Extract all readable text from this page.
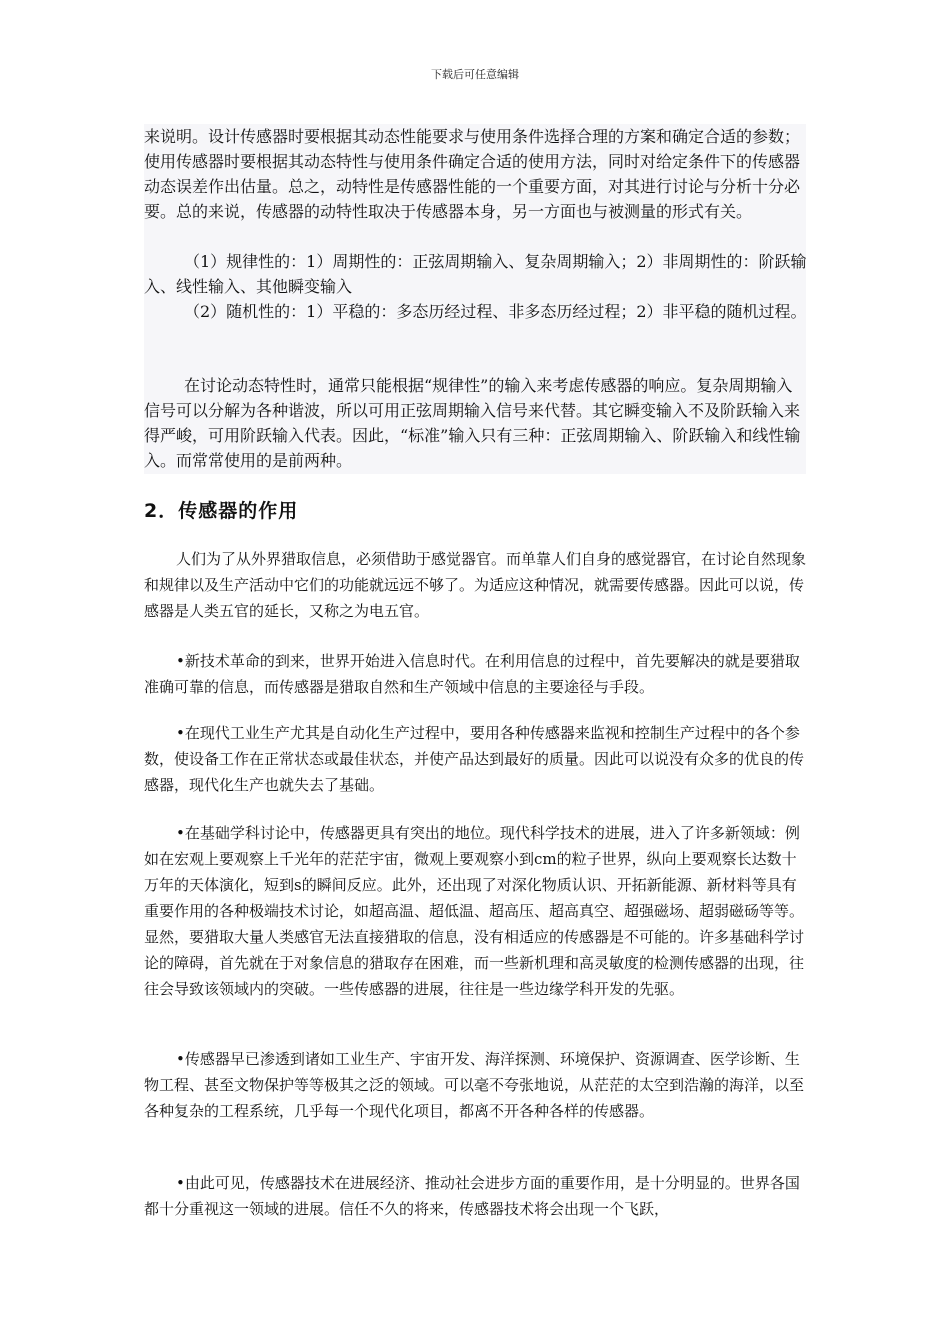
下载后可任意编辑

来说明。设计传感器时要根据其动态性能要求与使用条件选择合理的方案和确定合适的参数；使用传感器时要根据其动态特性与使用条件确定合适的使用方法，同时对给定条件下的传感器动态误差作出估量。总之，动特性是传感器性能的一个重要方面，对其进行讨论与分析十分必要。总的来说，传感器的动特性取决于传感器本身，另一方面也与被测量的形式有关。

（1）规律性的：1）周期性的：正弦周期输入、复杂周期输入；2）非周期性的：阶跃输入、线性输入、其他瞬变输入

（2）随机性的：1）平稳的：多态历经过程、非多态历经过程；2）非平稳的随机过程。

在讨论动态特性时，通常只能根据“规律性”的输入来考虑传感器的响应。复杂周期输入信号可以分解为各种谐波，所以可用正弦周期输入信号来代替。其它瞬变输入不及阶跃输入来得严峻，可用阶跃输入代表。因此，“标准”输入只有三种：正弦周期输入、阶跃输入和线性输入。而常常使用的是前两种。

2．传感器的作用

人们为了从外界猎取信息，必须借助于感觉器官。而单靠人们自身的感觉器官，在讨论自然现象和规律以及生产活动中它们的功能就远远不够了。为适应这种情况，就需要传感器。因此可以说，传感器是人类五官的延长，又称之为电五官。

•新技术革命的到来，世界开始进入信息时代。在利用信息的过程中，首先要解决的就是要猎取准确可靠的信息，而传感器是猎取自然和生产领域中信息的主要途径与手段。

•在现代工业生产尤其是自动化生产过程中，要用各种传感器来监视和控制生产过程中的各个参数，使设备工作在正常状态或最佳状态，并使产品达到最好的质量。因此可以说没有众多的优良的传感器，现代化生产也就失去了基础。

•在基础学科讨论中，传感器更具有突出的地位。现代科学技术的进展，进入了许多新领域：例如在宏观上要观察上千光年的茫茫宇宙，微观上要观察小到cm的粒子世界，纵向上要观察长达数十万年的天体演化，短到s的瞬间反应。此外，还出现了对深化物质认识、开拓新能源、新材料等具有重要作用的各种极端技术讨论，如超高温、超低温、超高压、超高真空、超强磁场、超弱磁砀等等。显然，要猎取大量人类感官无法直接猎取的信息，没有相适应的传感器是不可能的。许多基础科学讨论的障碍，首先就在于对象信息的猎取存在困难，而一些新机理和高灵敏度的检测传感器的出现，往往会导致该领域内的突破。一些传感器的进展，往往是一些边缘学科开发的先驱。

•传感器早已渗透到诸如工业生产、宇宙开发、海洋探测、环境保护、资源调查、医学诊断、生物工程、甚至文物保护等等极其之泛的领域。可以毫不夸张地说，从茫茫的太空到浩瀚的海洋，以至各种复杂的工程系统，几乎每一个现代化项目，都离不开各种各样的传感器。

•由此可见，传感器技术在进展经济、推动社会进步方面的重要作用，是十分明显的。世界各国都十分重视这一领域的进展。信任不久的将来，传感器技术将会出现一个飞跃，
